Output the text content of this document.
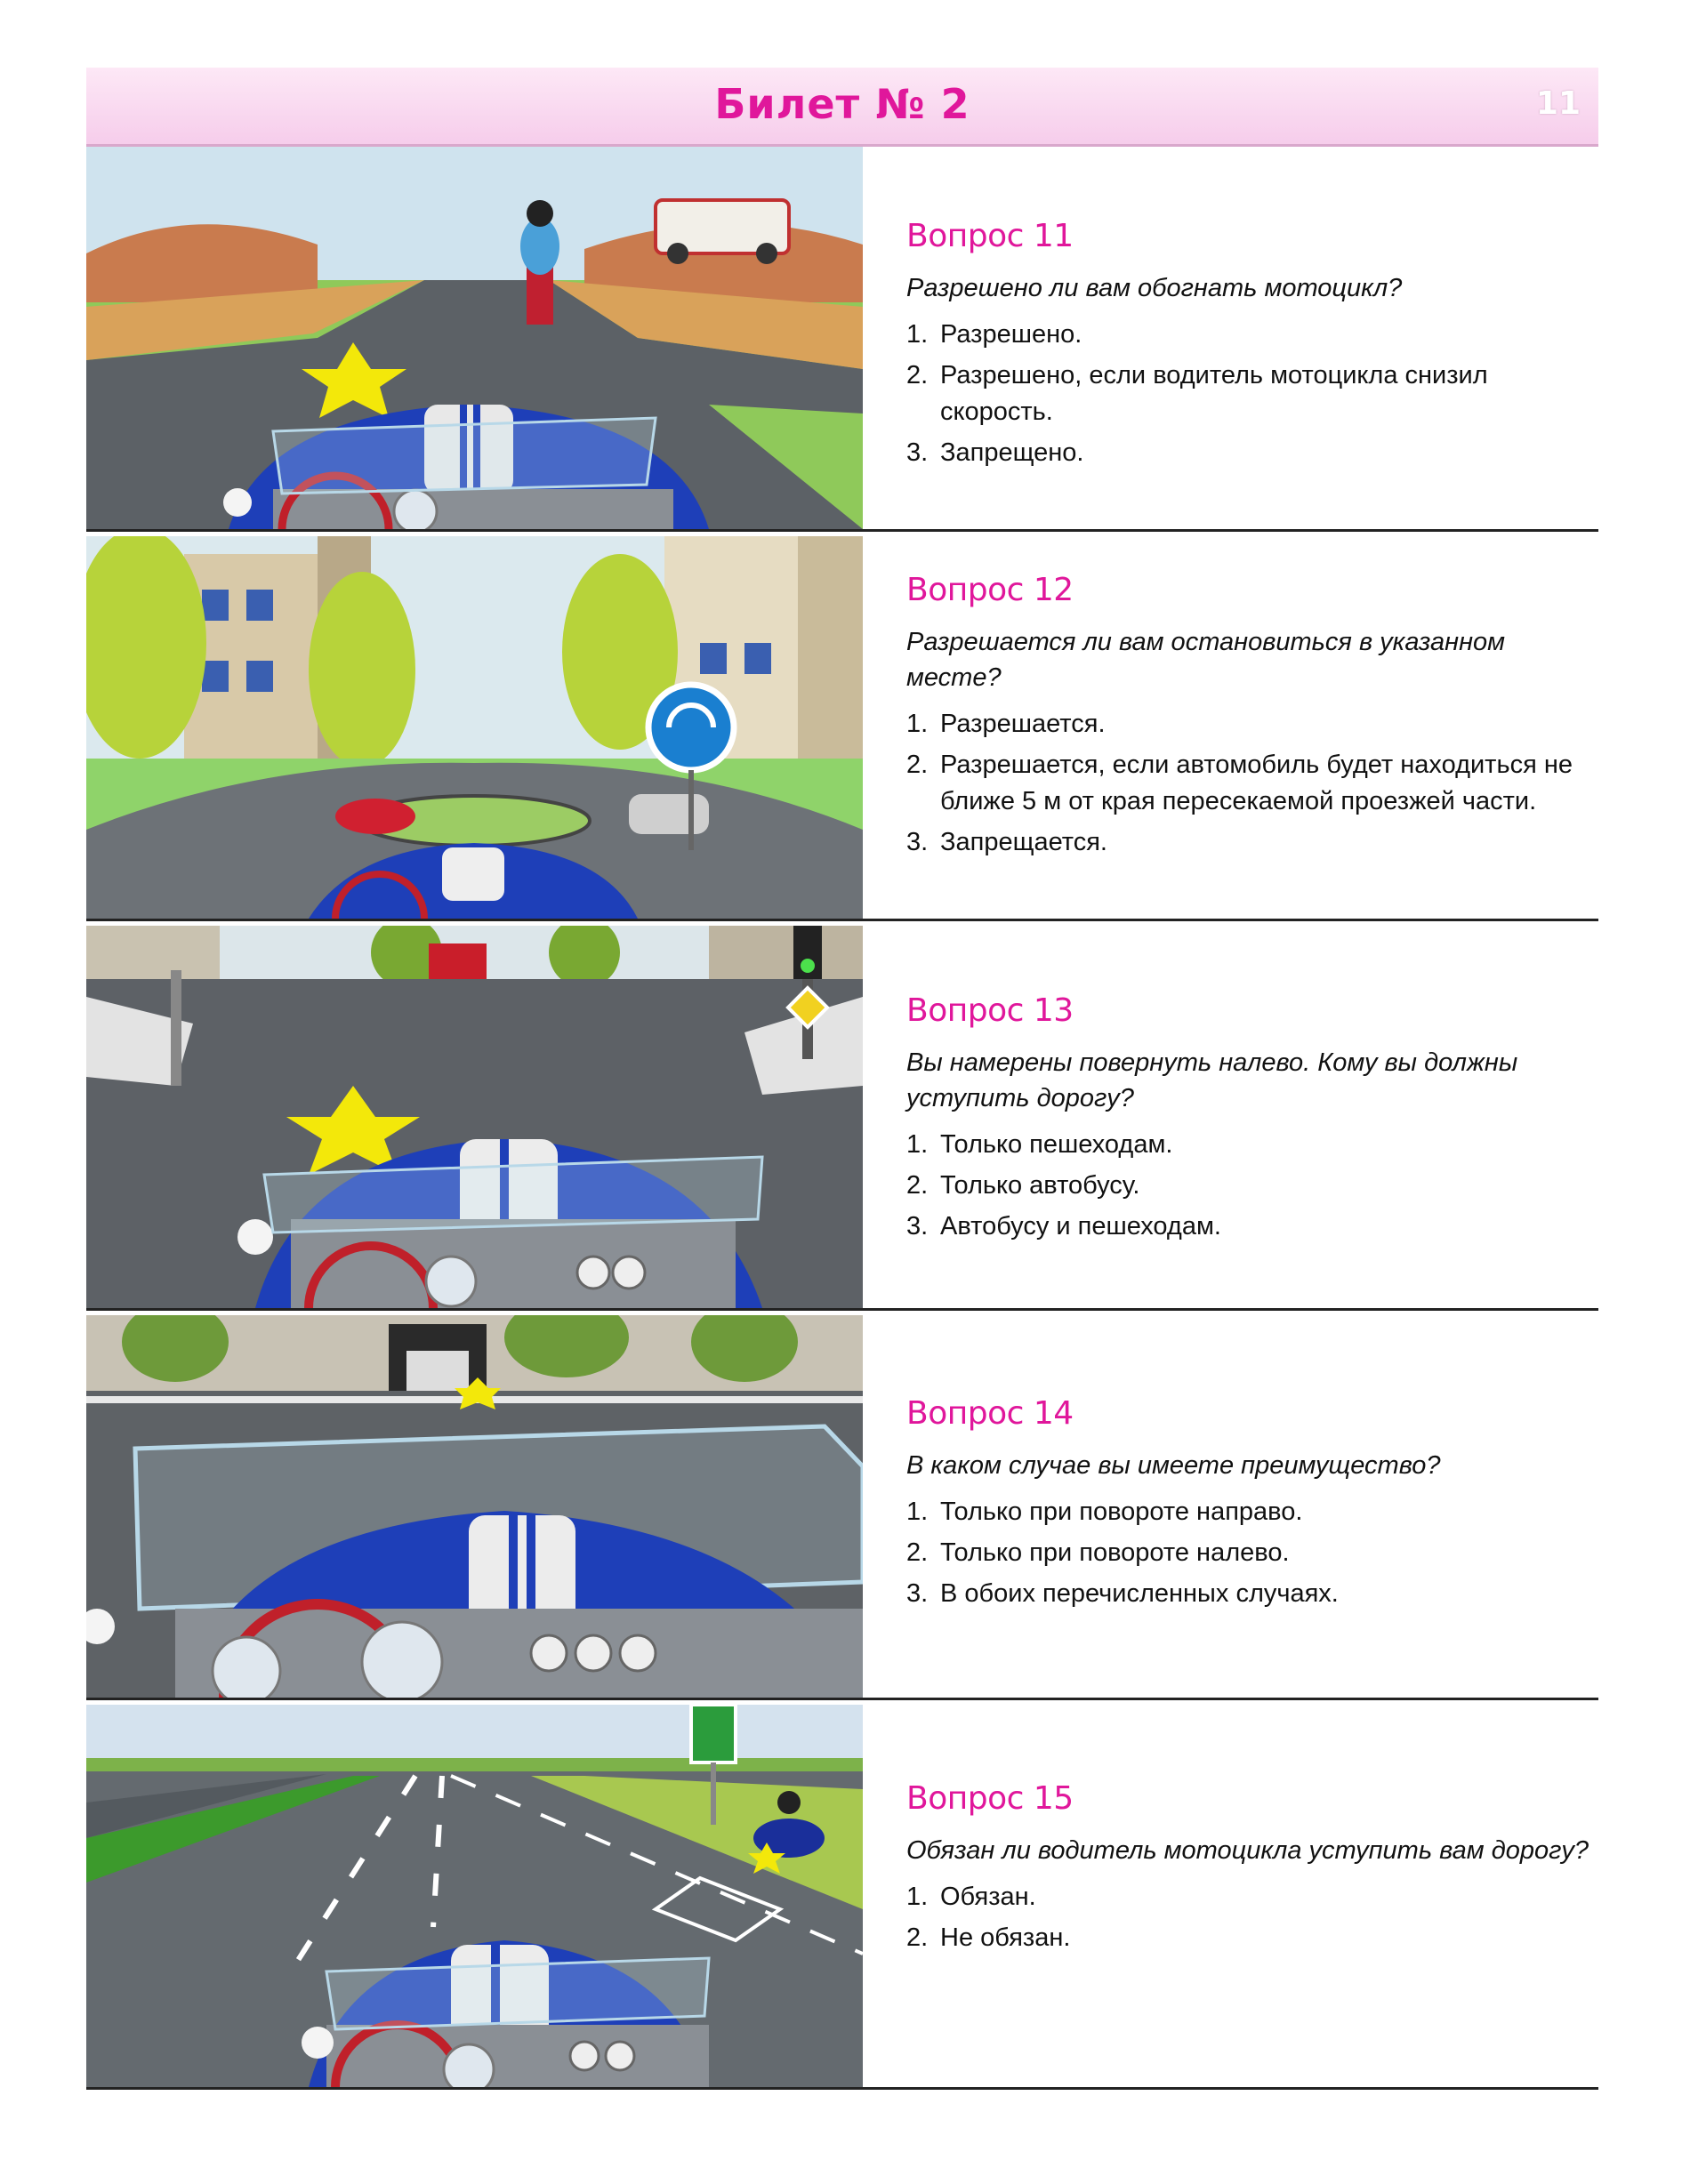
Билет № 2	11
Вопрос 11
Разрешено ли вам обогнать мотоцикл?
1. Разрешено.
2. Разрешено, если водитель мотоцикла снизил скорость.
3. Запрещено.
Вопрос 12
Разрешается ли вам остановиться в указанном месте?
1. Разрешается.
2. Разрешается, если автомобиль будет находиться не ближе 5 м от края пересекаемой проезжей части.
3. Запрещается.
Вопрос 13
Вы намерены повернуть налево. Кому вы должны уступить дорогу?
1. Только пешеходам.
2. Только автобусу.
3. Автобусу и пешеходам.
Вопрос 14
В каком случае вы имеете преимущество?
1. Только при повороте направо.
2. Только при повороте налево.
3. В обоих перечисленных случаях.
Вопрос 15
Обязан ли водитель мотоцикла уступить вам дорогу?
1. Обязан.
2. Не обязан.
